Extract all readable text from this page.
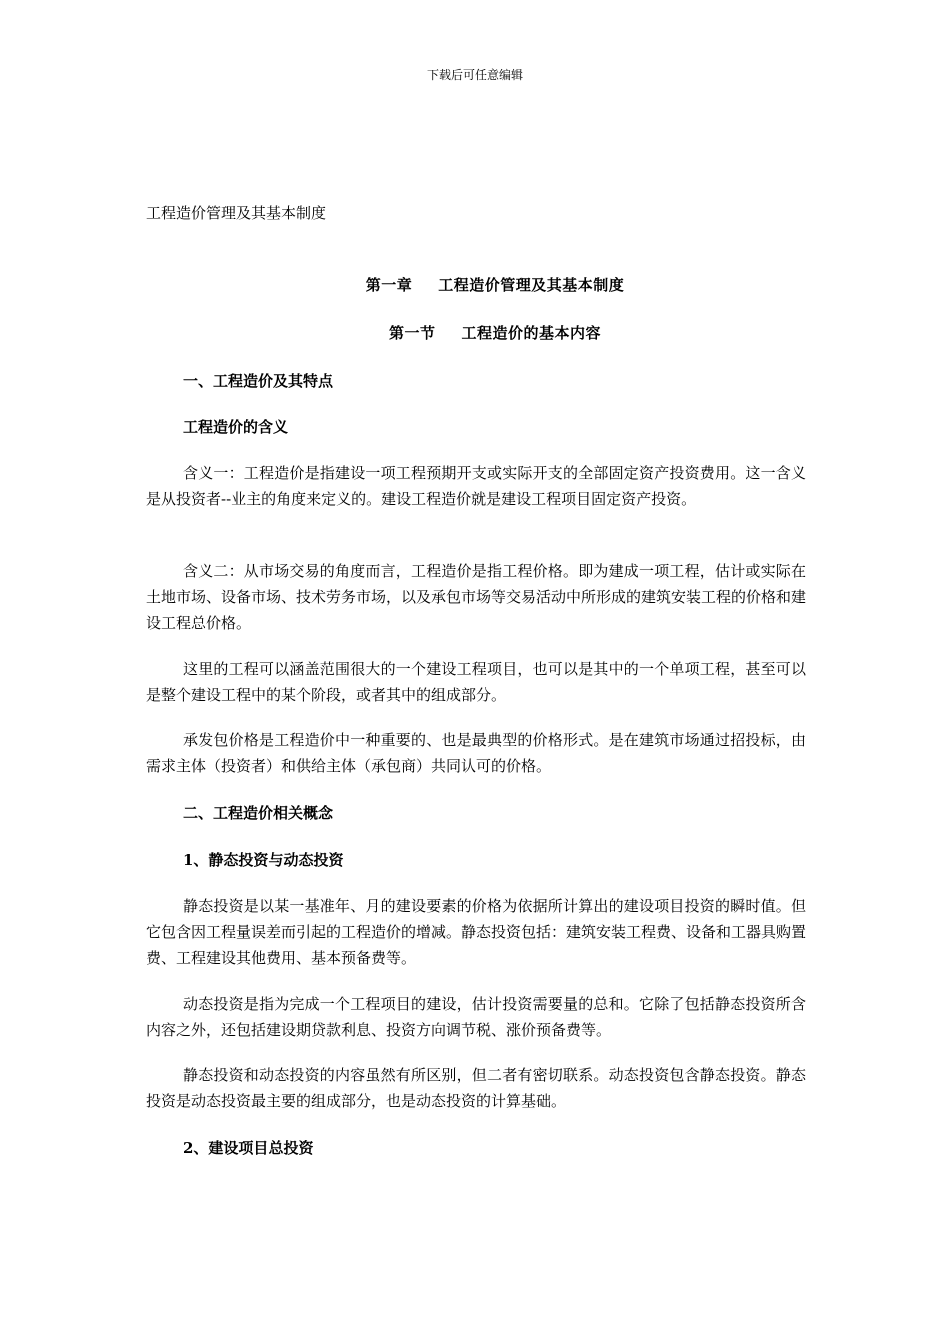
下载后可任意编辑
工程造价管理及其基本制度
第一章 工程造价管理及其基本制度
第一节 工程造价的基本内容
一、工程造价及其特点
工程造价的含义
含义一：工程造价是指建设一项工程预期开支或实际开支的全部固定资产投资费用。这一含义是从投资者--业主的角度来定义的。建设工程造价就是建设工程项目固定资产投资。
含义二：从市场交易的角度而言，工程造价是指工程价格。即为建成一项工程，估计或实际在土地市场、设备市场、技术劳务市场，以及承包市场等交易活动中所形成的建筑安装工程的价格和建设工程总价格。
这里的工程可以涵盖范围很大的一个建设工程项目，也可以是其中的一个单项工程，甚至可以是整个建设工程中的某个阶段，或者其中的组成部分。
承发包价格是工程造价中一种重要的、也是最典型的价格形式。是在建筑市场通过招投标，由需求主体（投资者）和供给主体（承包商）共同认可的价格。
二、工程造价相关概念
1、静态投资与动态投资
静态投资是以某一基准年、月的建设要素的价格为依据所计算出的建设项目投资的瞬时值。但它包含因工程量误差而引起的工程造价的增减。静态投资包括：建筑安装工程费、设备和工器具购置费、工程建设其他费用、基本预备费等。
动态投资是指为完成一个工程项目的建设，估计投资需要量的总和。它除了包括静态投资所含内容之外，还包括建设期贷款利息、投资方向调节税、涨价预备费等。
静态投资和动态投资的内容虽然有所区别，但二者有密切联系。动态投资包含静态投资。静态投资是动态投资最主要的组成部分，也是动态投资的计算基础。
2、建设项目总投资
